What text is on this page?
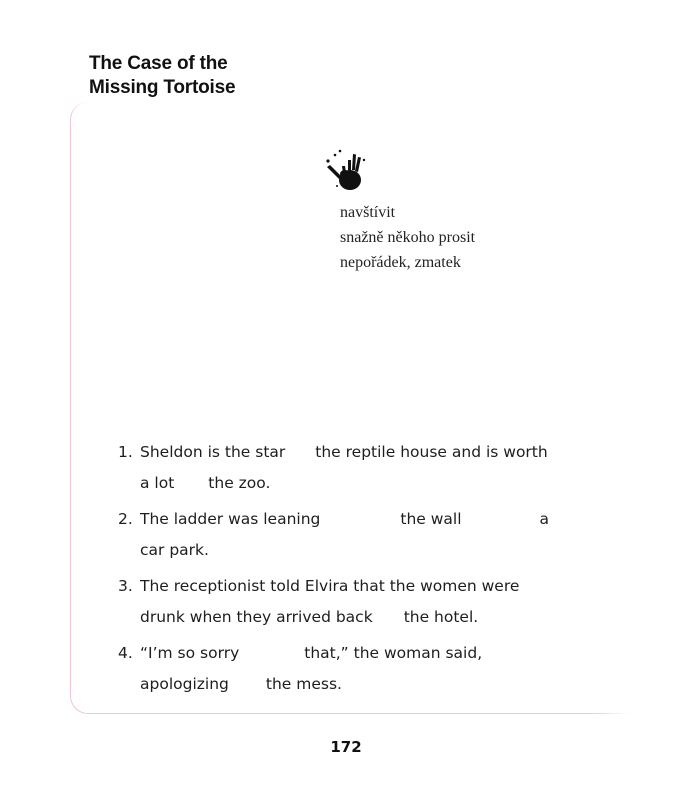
The Case of the
Missing Tortoise
navštívit
snažně někoho prosit
nepořádek, zmatek
1. Sheldon is the star the reptile house and is worth
a lot the zoo.
2. The ladder was leaning	the wall	a
car park.
3. The receptionist told Elvira that the women were
drunk when they arrived back the hotel.
4. “I’m so sorry	that,” the woman said,
apologizing the mess.
172
